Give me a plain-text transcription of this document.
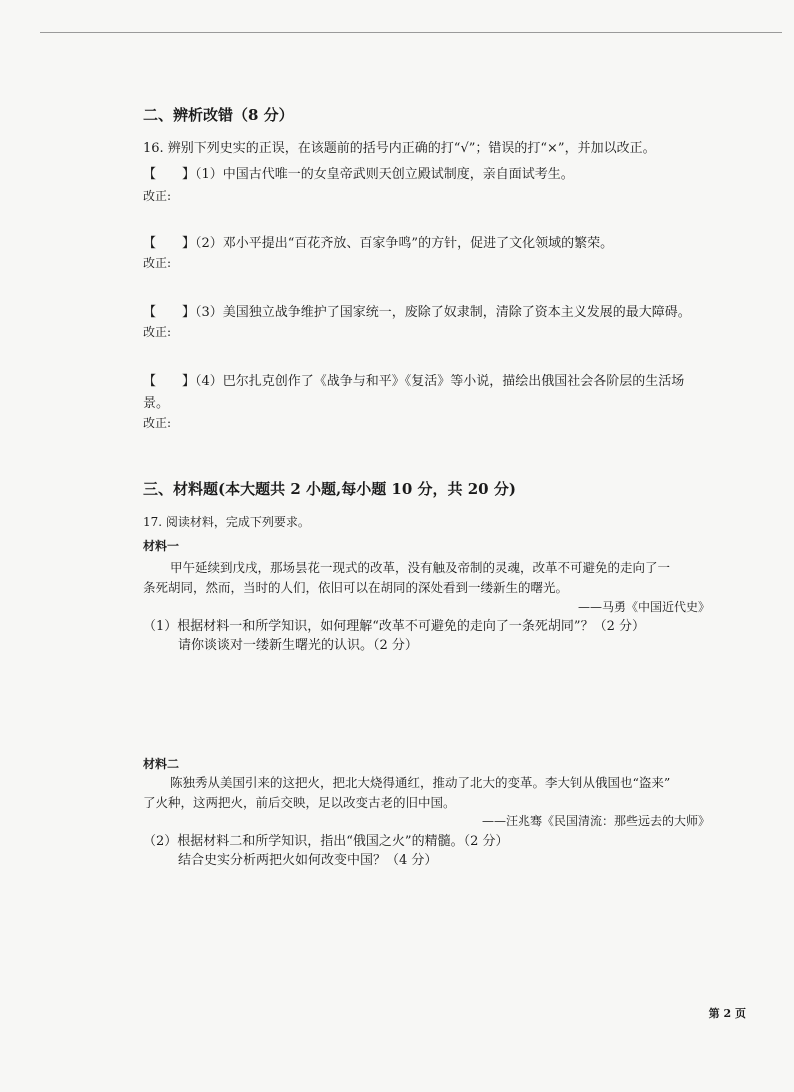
二、辨析改错（8 分）
16. 辨别下列史实的正误，在该题前的括号内正确的打“√”；错误的打“×”，并加以改正。
【　　】（1）中国古代唯一的女皇帝武则天创立殿试制度，亲自面试考生。
改正:
【　　】（2）邓小平提出“百花齐放、百家争鸣”的方针，促进了文化领域的繁荣。
改正:
【　　】（3）美国独立战争维护了国家统一，废除了奴隶制，清除了资本主义发展的最大障碍。
改正:
【　　】（4）巴尔扎克创作了《战争与和平》《复活》等小说，描绘出俄国社会各阶层的生活场
景。
改正:
三、材料题(本大题共 2 小题,每小题 10 分，共 20 分)
17. 阅读材料，完成下列要求。
材料一
甲午延续到戊戌，那场昙花一现式的改革，没有触及帝制的灵魂，改革不可避免的走向了一
条死胡同，然而，当时的人们，依旧可以在胡同的深处看到一缕新生的曙光。
——马勇《中国近代史》
（1）根据材料一和所学知识，如何理解“改革不可避免的走向了一条死胡同”？（2 分）
请你谈谈对一缕新生曙光的认识。（2 分）
材料二
陈独秀从美国引来的这把火，把北大烧得通红，推动了北大的变革。李大钊从俄国也“盗来”
了火种，这两把火，前后交映，足以改变古老的旧中国。
——汪兆骞《民国清流：那些远去的大师》
（2）根据材料二和所学知识，指出“俄国之火”的精髓。（2 分）
结合史实分析两把火如何改变中国？（4 分）
第 2 页
